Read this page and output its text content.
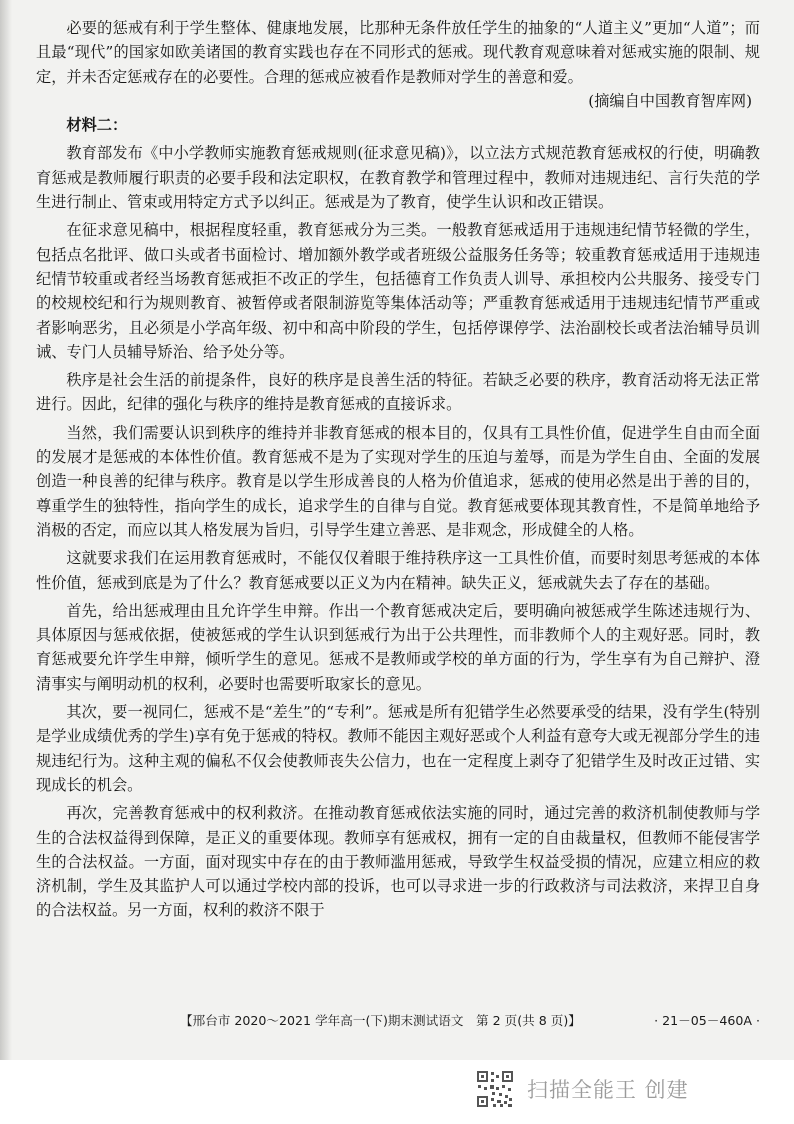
必要的惩戒有利于学生整体、健康地发展，比那种无条件放任学生的抽象的“人道主义”更加“人道”；而且最“现代”的国家如欧美诸国的教育实践也存在不同形式的惩戒。现代教育观意味着对惩戒实施的限制、规定，并未否定惩戒存在的必要性。合理的惩戒应被看作是教师对学生的善意和爱。

(摘编自中国教育智库网)

材料二：

教育部发布《中小学教师实施教育惩戒规则(征求意见稿)》，以立法方式规范教育惩戒权的行使，明确教育惩戒是教师履行职责的必要手段和法定职权，在教育教学和管理过程中，教师对违规违纪、言行失范的学生进行制止、管束或用特定方式予以纠正。惩戒是为了教育，使学生认识和改正错误。

在征求意见稿中，根据程度轻重，教育惩戒分为三类。一般教育惩戒适用于违规违纪情节轻微的学生，包括点名批评、做口头或者书面检讨、增加额外教学或者班级公益服务任务等；较重教育惩戒适用于违规违纪情节较重或者经当场教育惩戒拒不改正的学生，包括德育工作负责人训导、承担校内公共服务、接受专门的校规校纪和行为规则教育、被暂停或者限制游览等集体活动等；严重教育惩戒适用于违规违纪情节严重或者影响恶劣，且必须是小学高年级、初中和高中阶段的学生，包括停课停学、法治副校长或者法治辅导员训诫、专门人员辅导矫治、给予处分等。

秩序是社会生活的前提条件，良好的秩序是良善生活的特征。若缺乏必要的秩序，教育活动将无法正常进行。因此，纪律的强化与秩序的维持是教育惩戒的直接诉求。

当然，我们需要认识到秩序的维持并非教育惩戒的根本目的，仅具有工具性价值，促进学生自由而全面的发展才是惩戒的本体性价值。教育惩戒不是为了实现对学生的压迫与羞辱，而是为学生自由、全面的发展创造一种良善的纪律与秩序。教育是以学生形成善良的人格为价值追求，惩戒的使用必然是出于善的目的，尊重学生的独特性，指向学生的成长，追求学生的自律与自觉。教育惩戒要体现其教育性，不是简单地给予消极的否定，而应以其人格发展为旨归，引导学生建立善恶、是非观念，形成健全的人格。

这就要求我们在运用教育惩戒时，不能仅仅着眼于维持秩序这一工具性价值，而要时刻思考惩戒的本体性价值，惩戒到底是为了什么？教育惩戒要以正义为内在精神。缺失正义，惩戒就失去了存在的基础。

首先，给出惩戒理由且允许学生申辩。作出一个教育惩戒决定后，要明确向被惩戒学生陈述违规行为、具体原因与惩戒依据，使被惩戒的学生认识到惩戒行为出于公共理性，而非教师个人的主观好恶。同时，教育惩戒要允许学生申辩，倾听学生的意见。惩戒不是教师或学校的单方面的行为，学生享有为自己辩护、澄清事实与阐明动机的权利，必要时也需要听取家长的意见。

其次，要一视同仁，惩戒不是“差生”的“专利”。惩戒是所有犯错学生必然要承受的结果，没有学生(特别是学业成绩优秀的学生)享有免于惩戒的特权。教师不能因主观好恶或个人利益有意夸大或无视部分学生的违规违纪行为。这种主观的偏私不仅会使教师丧失公信力，也在一定程度上剥夺了犯错学生及时改正过错、实现成长的机会。

再次，完善教育惩戒中的权利救济。在推动教育惩戒依法实施的同时，通过完善的救济机制使教师与学生的合法权益得到保障，是正义的重要体现。教师享有惩戒权，拥有一定的自由裁量权，但教师不能侵害学生的合法权益。一方面，面对现实中存在的由于教师滥用惩戒，导致学生权益受损的情况，应建立相应的救济机制，学生及其监护人可以通过学校内部的投诉，也可以寻求进一步的行政救济与司法救济，来捍卫自身的合法权益。另一方面，权利的救济不限于

【邢台市 2020～2021 学年高一(下)期末测试语文　第 2 页(共 8 页)】	· 21－05－460A ·
扫描全能王 创建
